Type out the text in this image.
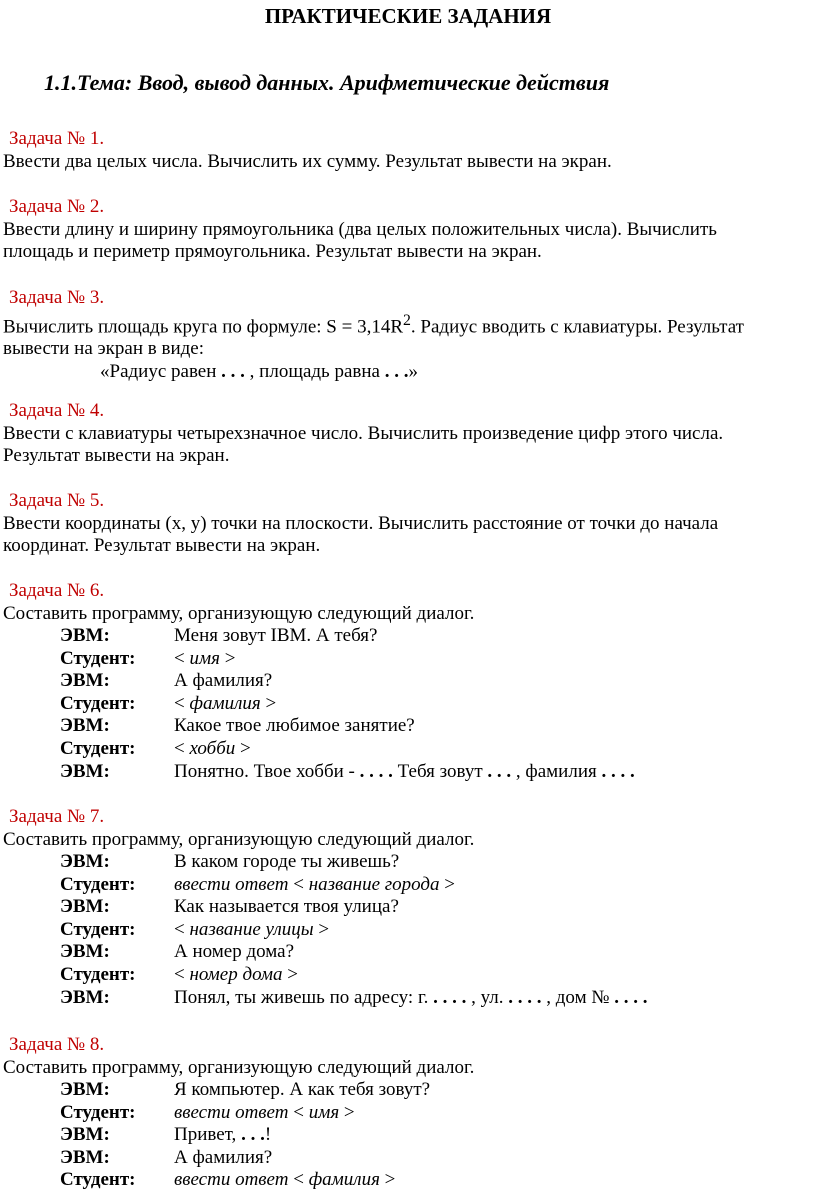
ПРАКТИЧЕСКИЕ ЗАДАНИЯ
1.1.Тема: Ввод, вывод данных. Арифметические действия
Задача № 1.
Ввести два целых числа. Вычислить их сумму. Результат вывести на экран.
Задача № 2.
Ввести длину и ширину прямоугольника (два целых положительных числа). Вычислить
площадь и периметр прямоугольника. Результат вывести на экран.
Задача № 3.
Вычислить площадь круга по формуле: $S = 3,14R^2$. Радиус вводить с клавиатуры. Результат
вывести на экран в виде:
«Радиус равен . . . , площадь равна . . .»
Задача № 4.
Ввести с клавиатуры четырехзначное число. Вычислить произведение цифр этого числа.
Результат вывести на экран.
Задача № 5.
Ввести координаты (x, y) точки на плоскости. Вычислить расстояние от точки до начала
координат. Результат вывести на экран.
Задача № 6.
Составить программу, организующую следующий диалог.
ЭВМ:	Меня зовут IBM. А тебя?
Студент:	< имя >
ЭВМ:	А фамилия?
Студент:	< фамилия >
ЭВМ:	Какое твое любимое занятие?
Студент:	< хобби >
ЭВМ:	Понятно. Твое хобби - . . . . Тебя зовут . . . , фамилия . . . .
Задача № 7.
Составить программу, организующую следующий диалог.
ЭВМ:	В каком городе ты живешь?
Студент:	ввести ответ < название города >
ЭВМ:	Как называется твоя улица?
Студент:	< название улицы >
ЭВМ:	А номер дома?
Студент:	< номер дома >
ЭВМ:	Понял, ты живешь по адресу: г. . . . . , ул. . . . . , дом № . . . .
Задача № 8.
Составить программу, организующую следующий диалог.
ЭВМ:	Я компьютер. А как тебя зовут?
Студент:	ввести ответ < имя >
ЭВМ:	Привет, . . .!
ЭВМ:	А фамилия?
Студент:	ввести ответ < фамилия >
